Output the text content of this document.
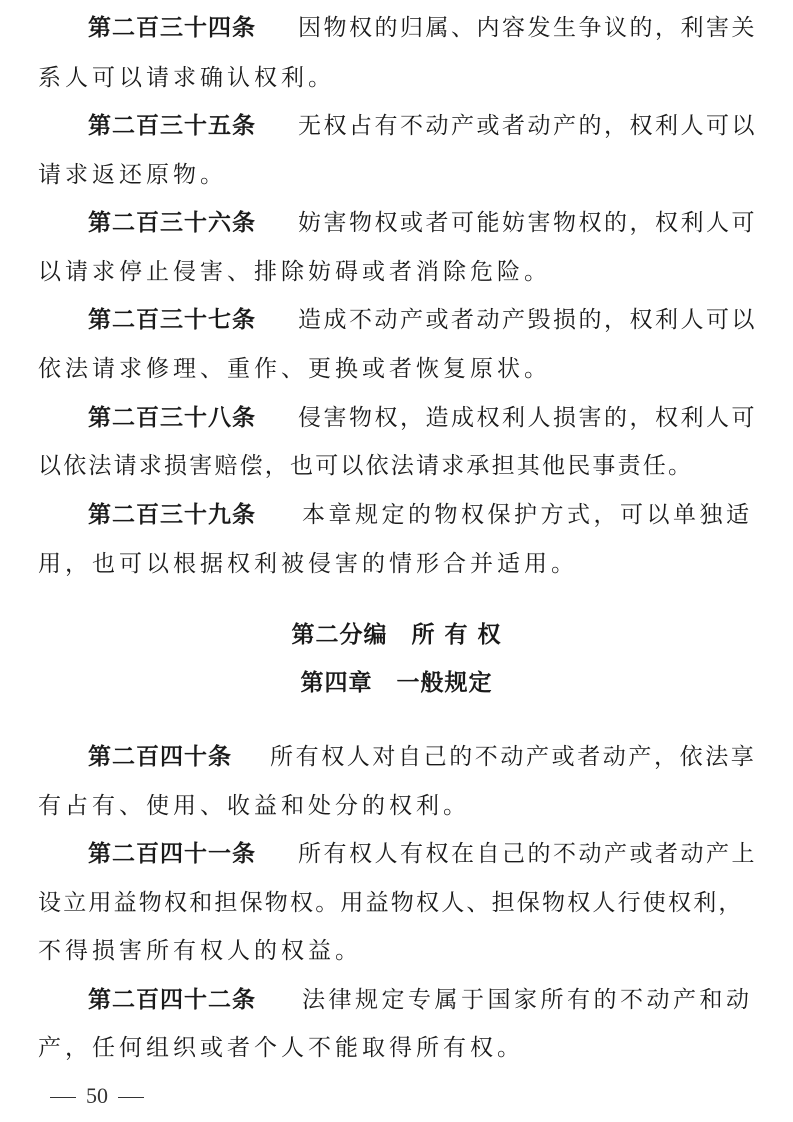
第二百三十四条 因物权的归属、内容发生争议的，利害关
系人可以请求确认权利。
第二百三十五条 无权占有不动产或者动产的，权利人可以
请求返还原物。
第二百三十六条 妨害物权或者可能妨害物权的，权利人可
以请求停止侵害、排除妨碍或者消除危险。
第二百三十七条 造成不动产或者动产毁损的，权利人可以
依法请求修理、重作、更换或者恢复原状。
第二百三十八条 侵害物权，造成权利人损害的，权利人可
以依法请求损害赔偿，也可以依法请求承担其他民事责任。
第二百三十九条 本章规定的物权保护方式，可以单独适
用，也可以根据权利被侵害的情形合并适用。
第二分编　所 有 权
第四章　一般规定
第二百四十条 所有权人对自己的不动产或者动产，依法享
有占有、使用、收益和处分的权利。
第二百四十一条 所有权人有权在自己的不动产或者动产上
设立用益物权和担保物权。用益物权人、担保物权人行使权利，
不得损害所有权人的权益。
第二百四十二条 法律规定专属于国家所有的不动产和动
产，任何组织或者个人不能取得所有权。
50
